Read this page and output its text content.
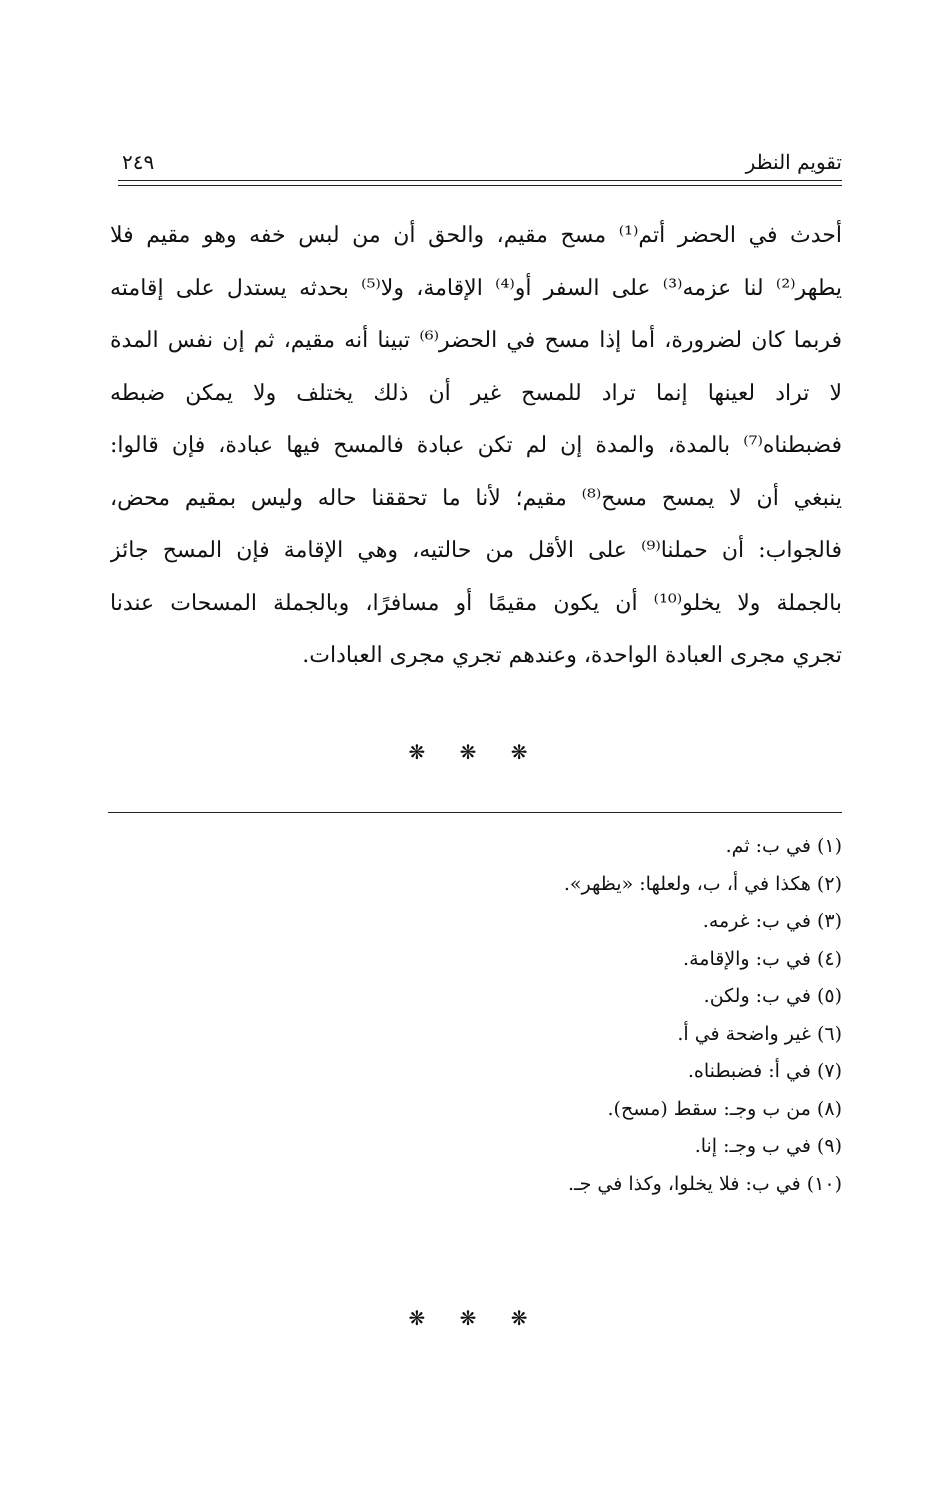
تقويم النظر
٢٤٩
أحدث في الحضر أتم⁽¹⁾ مسح مقيم، والحق أن من لبس خفه وهو مقيم فلا
يطهر⁽²⁾ لنا عزمه⁽³⁾ على السفر أو⁽⁴⁾ الإقامة، ولا⁽⁵⁾ بحدثه يستدل على إقامته
فربما كان لضرورة، أما إذا مسح في الحضر⁽⁶⁾ تبينا أنه مقيم، ثم إن نفس المدة
لا تراد لعينها إنما تراد للمسح غير أن ذلك يختلف ولا يمكن ضبطه
فضبطناه⁽⁷⁾ بالمدة، والمدة إن لم تكن عبادة فالمسح فيها عبادة، فإن قالوا:
ينبغي أن لا يمسح مسح⁽⁸⁾ مقيم؛ لأنا ما تحققنا حاله وليس بمقيم محض،
فالجواب: أن حملنا⁽⁹⁾ على الأقل من حالتيه، وهي الإقامة فإن المسح جائز
بالجملة ولا يخلو⁽¹⁰⁾ أن يكون مقيمًا أو مسافرًا، وبالجملة المسحات عندنا
تجري مجرى العبادة الواحدة، وعندهم تجري مجرى العبادات.
❋ ❋ ❋
(١) في ب: ثم.
(٢) هكذا في أ، ب، ولعلها: «يظهر».
(٣) في ب: غرمه.
(٤) في ب: والإقامة.
(٥) في ب: ولكن.
(٦) غير واضحة في أ.
(٧) في أ: فضبطناه.
(٨) من ب وجـ: سقط (مسح).
(٩) في ب وجـ: إنا.
(١٠) في ب: فلا يخلوا، وكذا في جـ.
❋ ❋ ❋
